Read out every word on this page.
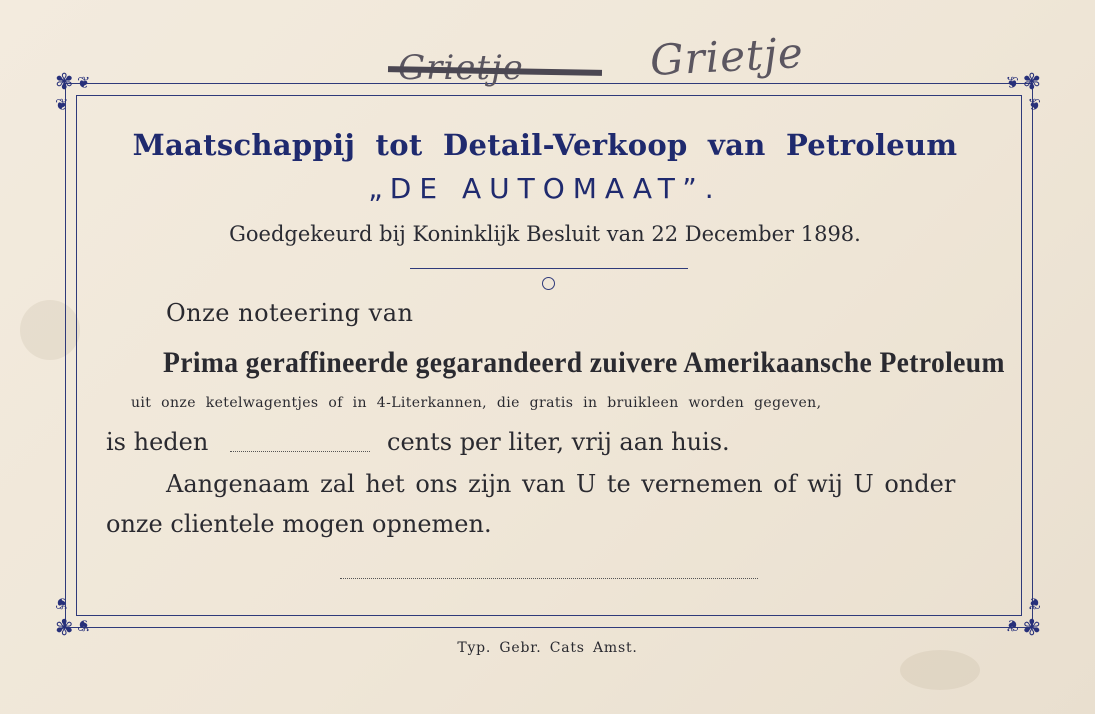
✾ ❦
❦
✾
❦
❦
✾ ❦
❦
✾
❦
❦
Grietje
Maatschappij tot Detail-Verkoop van Petroleum
„DE AUTOMAAT”.
Goedgekeurd bij Koninklijk Besluit van 22 December 1898.
Onze noteering van
Prima geraffineerde gegarandeerd zuivere Amerikaansche Petroleum
uit onze ketelwagentjes of in 4-Literkannen, die gratis in bruikleen worden gegeven,
is heden	cents per liter, vrij aan huis.
Aangenaam zal het ons zijn van U te vernemen of wij U onder
onze clientele mogen opnemen.
Typ. Gebr. Cats Amst.
